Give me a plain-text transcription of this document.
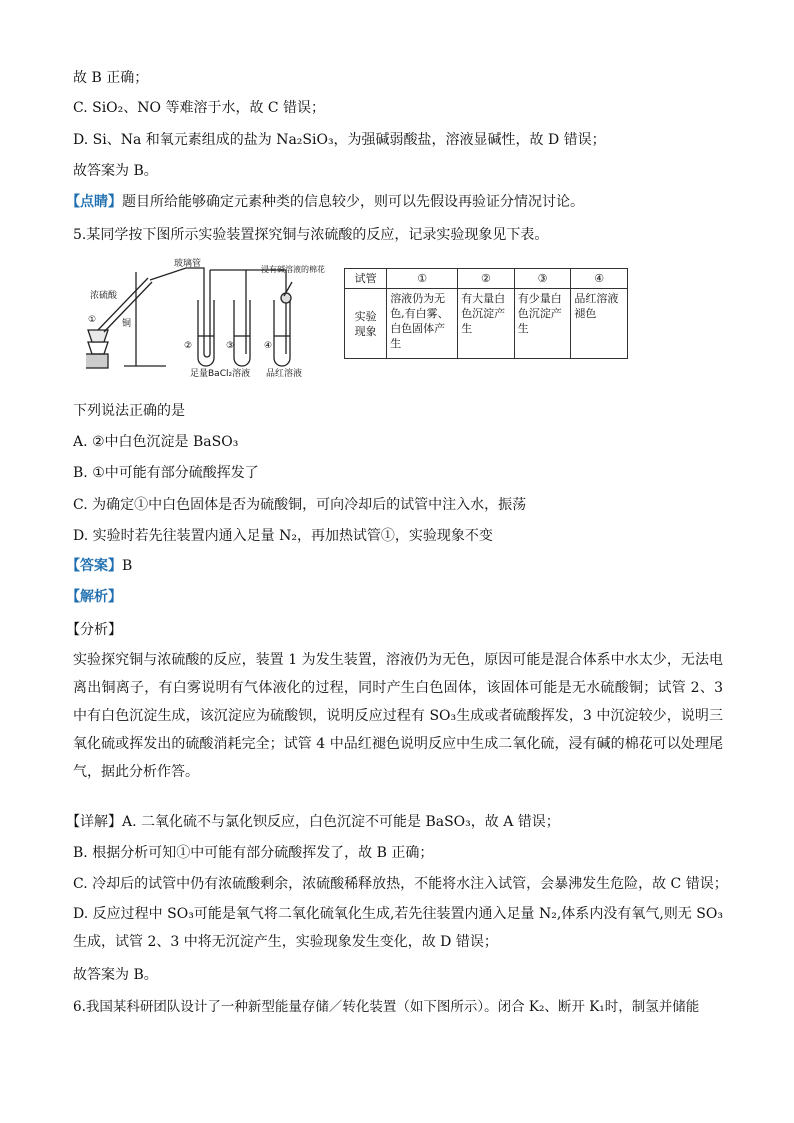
故 B 正确；
C. SiO₂、NO 等难溶于水，故 C 错误；
D. Si、Na 和氧元素组成的盐为 Na₂SiO₃，为强碱弱酸盐，溶液显碱性，故 D 错误；
故答案为 B。
【点睛】题目所给能够确定元素种类的信息较少，则可以先假设再验证分情况讨论。
5.某同学按下图所示实验装置探究铜与浓硫酸的反应，记录实验现象见下表。
玻璃管
浸有碱溶液的棉花
浓硫酸
①	铜
②	③	④
足量BaCl₂溶液 品红溶液
试管	①	②	③	④
实验现象	溶液仍为无色,有白雾、白色固体产生	有大量白色沉淀产生	有少量白色沉淀产生	品红溶液褪色
下列说法正确的是
A. ②中白色沉淀是 BaSO₃
B. ①中可能有部分硫酸挥发了
C. 为确定①中白色固体是否为硫酸铜，可向冷却后的试管中注入水，振荡
D. 实验时若先往装置内通入足量 N₂，再加热试管①，实验现象不变
【答案】B
【解析】
【分析】
实验探究铜与浓硫酸的反应，装置 1 为发生装置，溶液仍为无色，原因可能是混合体系中水太少，无法电离出铜离子，有白雾说明有气体液化的过程，同时产生白色固体，该固体可能是无水硫酸铜；试管 2、3 中有白色沉淀生成，该沉淀应为硫酸钡，说明反应过程有 SO₃生成或者硫酸挥发，3 中沉淀较少，说明三氧化硫或挥发出的硫酸消耗完全；试管 4 中品红褪色说明反应中生成二氧化硫，浸有碱的棉花可以处理尾气，据此分析作答。
【详解】A. 二氧化硫不与氯化钡反应，白色沉淀不可能是 BaSO₃，故 A 错误；
B. 根据分析可知①中可能有部分硫酸挥发了，故 B 正确；
C. 冷却后的试管中仍有浓硫酸剩余，浓硫酸稀释放热，不能将水注入试管，会暴沸发生危险，故 C 错误；
D. 反应过程中 SO₃可能是氧气将二氧化硫氧化生成,若先往装置内通入足量 N₂,体系内没有氧气,则无 SO₃生成，试管 2、3 中将无沉淀产生，实验现象发生变化，故 D 错误；
故答案为 B。
6.我国某科研团队设计了一种新型能量存储／转化装置（如下图所示）。闭合 K₂、断开 K₁时，制氢并储能
